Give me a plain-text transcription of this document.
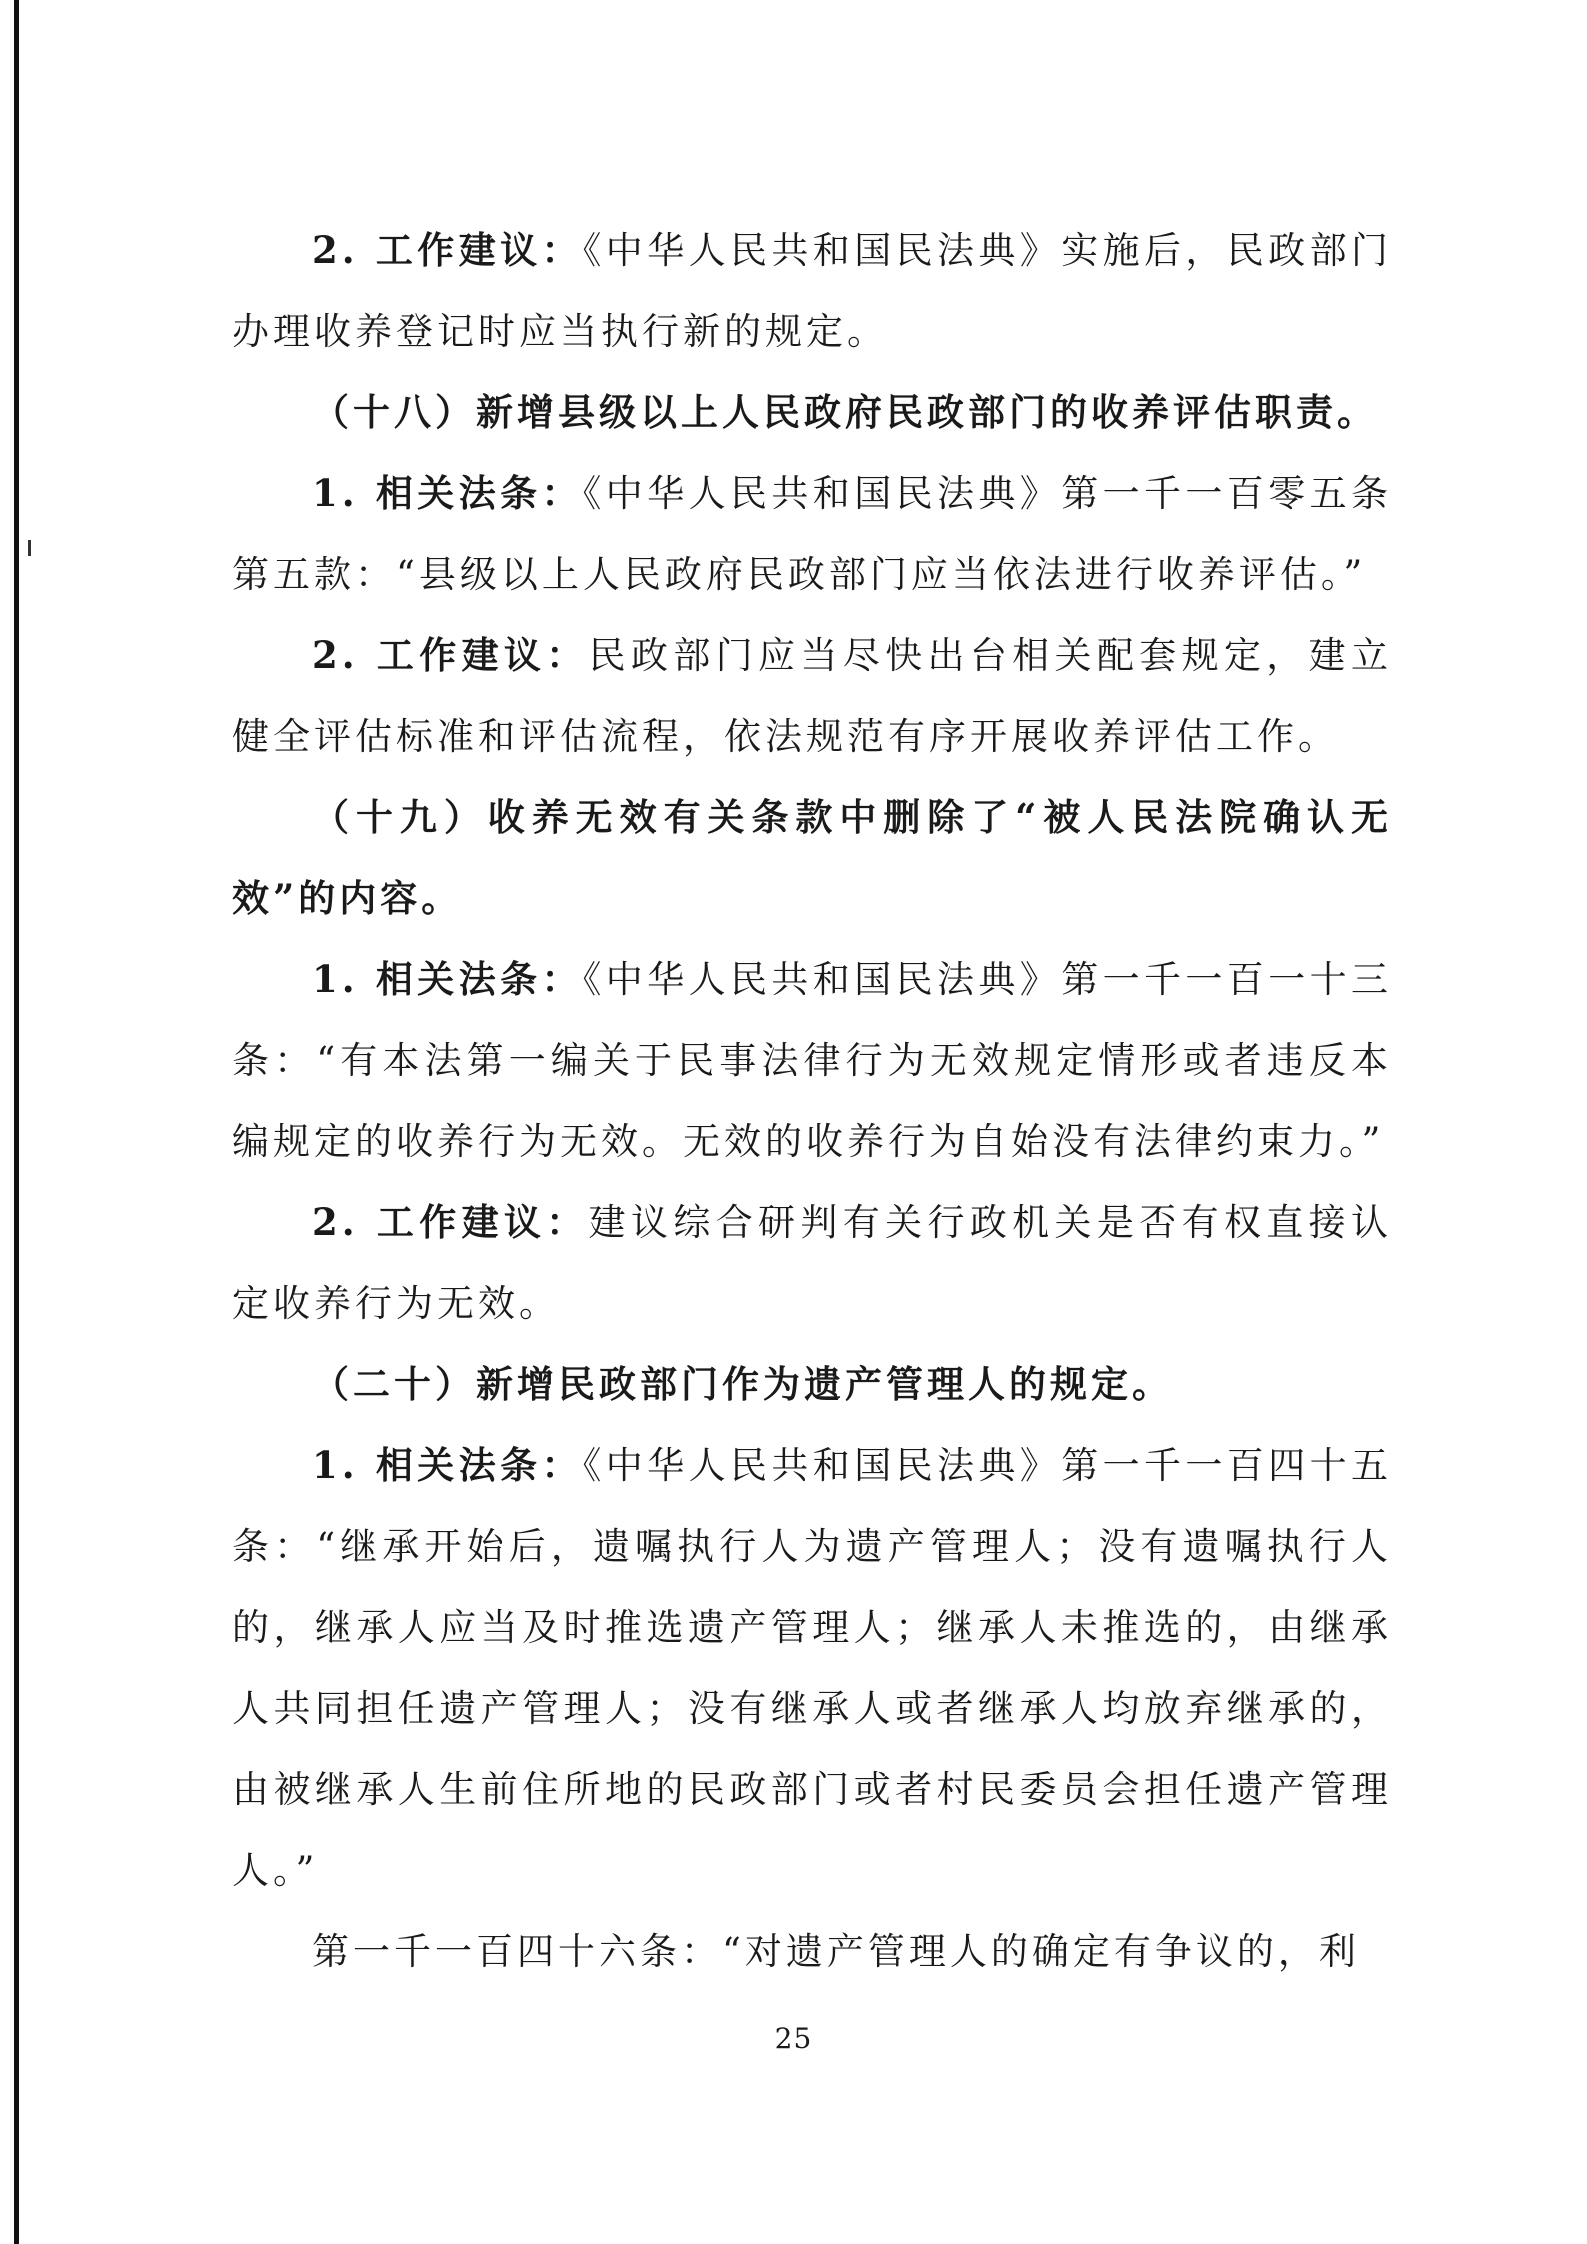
2. 工作建议：《中华人民共和国民法典》实施后，民政部门办理收养登记时应当执行新的规定。

（十八）新增县级以上人民政府民政部门的收养评估职责。

1. 相关法条：《中华人民共和国民法典》第一千一百零五条第五款：“县级以上人民政府民政部门应当依法进行收养评估。”

2. 工作建议：民政部门应当尽快出台相关配套规定，建立健全评估标准和评估流程，依法规范有序开展收养评估工作。

（十九）收养无效有关条款中删除了“被人民法院确认无效”的内容。

1. 相关法条：《中华人民共和国民法典》第一千一百一十三条：“有本法第一编关于民事法律行为无效规定情形或者违反本编规定的收养行为无效。无效的收养行为自始没有法律约束力。”

2. 工作建议：建议综合研判有关行政机关是否有权直接认定收养行为无效。

（二十）新增民政部门作为遗产管理人的规定。

1. 相关法条：《中华人民共和国民法典》第一千一百四十五条：“继承开始后，遗嘱执行人为遗产管理人；没有遗嘱执行人的，继承人应当及时推选遗产管理人；继承人未推选的，由继承人共同担任遗产管理人；没有继承人或者继承人均放弃继承的，由被继承人生前住所地的民政部门或者村民委员会担任遗产管理人。”

第一千一百四十六条：“对遗产管理人的确定有争议的，利

25
